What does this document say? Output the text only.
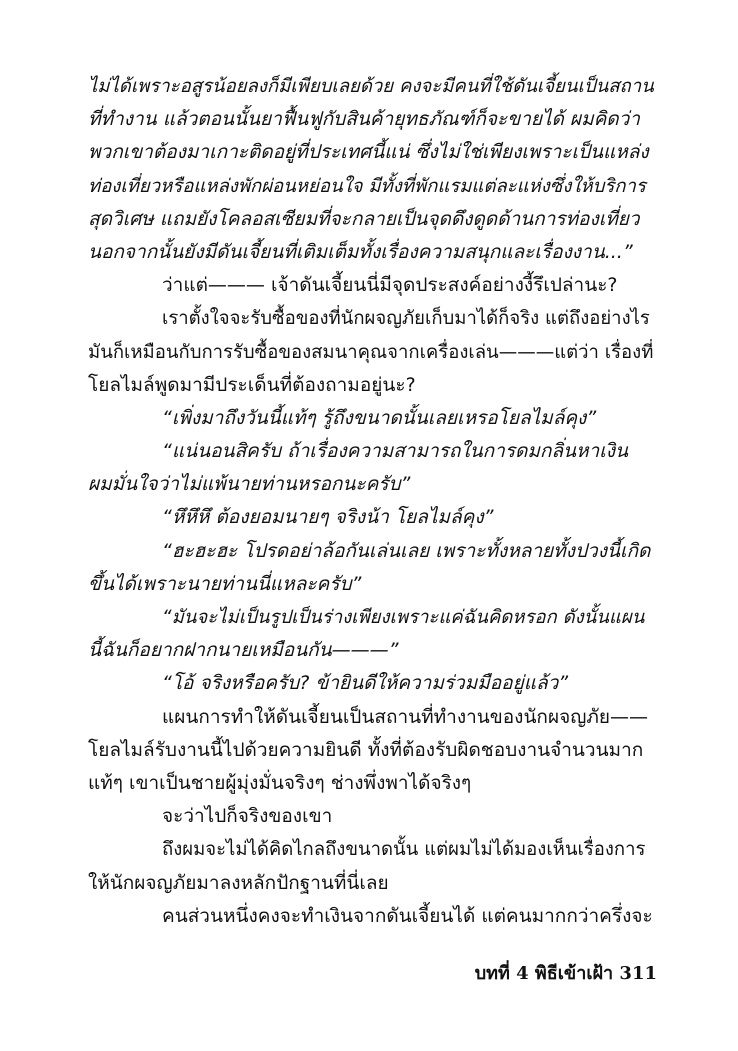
ไม่ได้เพราะอสูรน้อยลงก็มีเพียบเลยด้วย คงจะมีคนที่ใช้ดันเจี้ยนเป็นสถาน
ที่ทำงาน แล้วตอนนั้นยาฟื้นฟูกับสินค้ายุทธภัณฑ์ก็จะขายได้ ผมคิดว่า
พวกเขาต้องมาเกาะติดอยู่ที่ประเทศนี้แน่ ซึ่งไม่ใช่เพียงเพราะเป็นแหล่ง
ท่องเที่ยวหรือแหล่งพักผ่อนหย่อนใจ มีทั้งที่พักแรมแต่ละแห่งซึ่งให้บริการ
สุดวิเศษ แถมยังโคลอสเซียมที่จะกลายเป็นจุดดึงดูดด้านการท่องเที่ยว
นอกจากนั้นยังมีดันเจี้ยนที่เติมเต็มทั้งเรื่องความสนุกและเรื่องงาน...”
ว่าแต่——— เจ้าดันเจี้ยนนี่มีจุดประสงค์อย่างงี้รึเปล่านะ?
เราตั้งใจจะรับซื้อของที่นักผจญภัยเก็บมาได้ก็จริง แต่ถึงอย่างไร
มันก็เหมือนกับการรับซื้อของสมนาคุณจากเครื่องเล่น———แต่ว่า เรื่องที่
โยลไมล์พูดมามีประเด็นที่ต้องถามอยู่นะ?
“เพิ่งมาถึงวันนี้แท้ๆ รู้ถึงขนาดนั้นเลยเหรอโยลไมล์คุง”
“แน่นอนสิครับ ถ้าเรื่องความสามารถในการดมกลิ่นหาเงิน
ผมมั่นใจว่าไม่แพ้นายท่านหรอกนะครับ”
“หึหึหึ ต้องยอมนายๆ จริงน้า โยลไมล์คุง”
“ฮะฮะฮะ โปรดอย่าล้อกันเล่นเลย เพราะทั้งหลายทั้งปวงนี้เกิด
ขึ้นได้เพราะนายท่านนี่แหละครับ”
“มันจะไม่เป็นรูปเป็นร่างเพียงเพราะแค่ฉันคิดหรอก ดังนั้นแผน
นี้ฉันก็อยากฝากนายเหมือนกัน———”
“โอ้ จริงหรือครับ? ข้ายินดีให้ความร่วมมืออยู่แล้ว”
แผนการทำให้ดันเจี้ยนเป็นสถานที่ทำงานของนักผจญภัย——
โยลไมล์รับงานนี้ไปด้วยความยินดี ทั้งที่ต้องรับผิดชอบงานจำนวนมาก
แท้ๆ เขาเป็นชายผู้มุ่งมั่นจริงๆ ช่างพึ่งพาได้จริงๆ
จะว่าไปก็จริงของเขา
ถึงผมจะไม่ได้คิดไกลถึงขนาดนั้น แต่ผมไม่ได้มองเห็นเรื่องการ
ให้นักผจญภัยมาลงหลักปักฐานที่นี่เลย
คนส่วนหนึ่งคงจะทำเงินจากดันเจี้ยนได้ แต่คนมากกว่าครึ่งจะ
บทที่ 4 พิธีเข้าเฝ้า 311
